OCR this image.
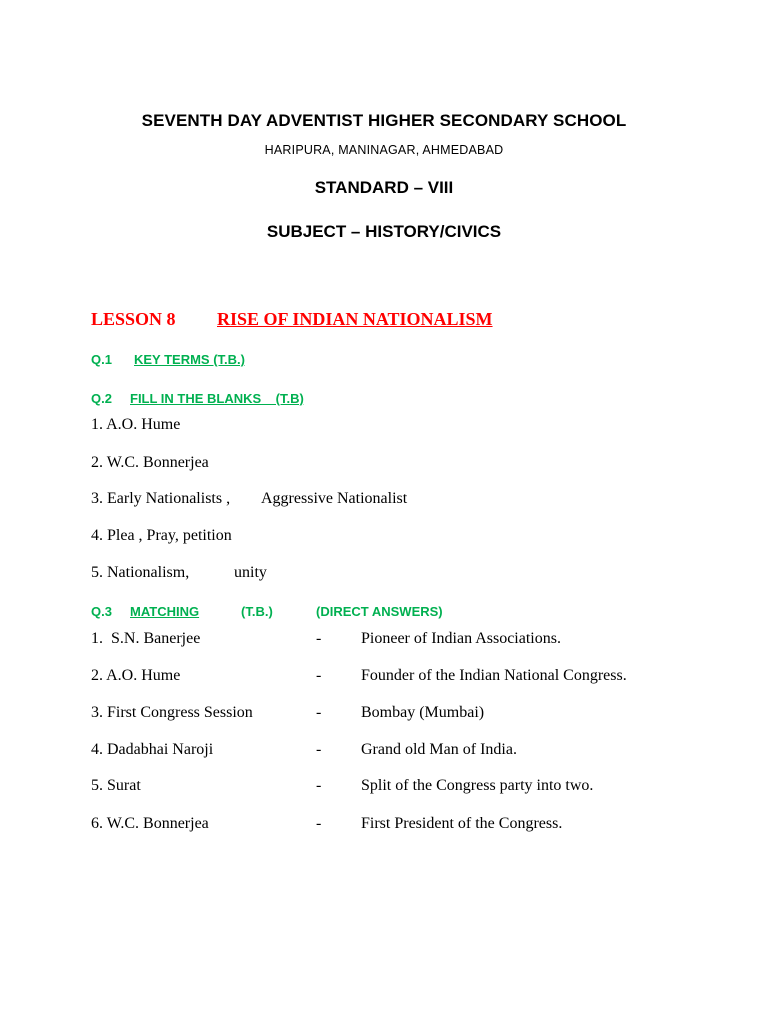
SEVENTH DAY ADVENTIST HIGHER SECONDARY SCHOOL
HARIPURA, MANINAGAR, AHMEDABAD
STANDARD – VIII
SUBJECT – HISTORY/CIVICS
LESSON 8 RISE OF INDIAN NATIONALISM
Q.1 KEY TERMS (T.B.)
Q.2 FILL IN THE BLANKS    (T.B)
1. A.O. Hume
2. W.C. Bonnerjea
3. Early Nationalists , Aggressive Nationalist
4. Plea , Pray, petition
5. Nationalism,	unity
Q.3 MATCHING	(T.B.)	(DIRECT ANSWERS)
1.  S.N. Banerjee	- Pioneer of Indian Associations.
2. A.O. Hume	- Founder of the Indian National Congress.
3. First Congress Session	- Bombay (Mumbai)
4. Dadabhai Naroji	- Grand old Man of India.
5. Surat	- Split of the Congress party into two.
6. W.C. Bonnerjea	- First President of the Congress.
